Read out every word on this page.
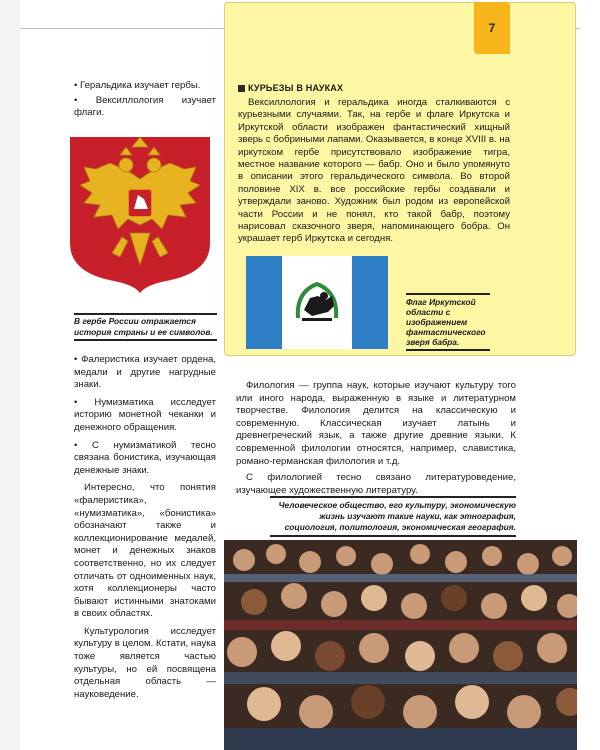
• Геральдика изучает гербы.

• Вексиллология изучает флаги.

В гербе России отражается история страны и ее символов.

• Фалеристика изучает ордена, медали и другие нагрудные знаки.

• Нумизматика исследует историю монетной чеканки и денежного обращения.

• С нумизматикой тесно связана бонистика, изучающая денежные знаки.

Интересно, что понятия «фалеристика», «нумизматика», «бонистика» обозначают также и коллекционирование медалей, монет и денежных знаков соответственно, но их следует отличать от одноименных наук, хотя коллекционеры часто бывают истинными знатоками в своих областях.

Культурология исследует культуру в целом. Кстати, наука тоже является частью культуры, но ей посвящена отдельная область — науковедение.

7
КУРЬЕЗЫ В НАУКАХ
Вексиллология и геральдика иногда сталкиваются с курьезными случаями. Так, на гербе и флаге Иркутска и Иркутской области изображен фантастический хищный зверь с бобриными лапами. Оказывается, в конце XVIII в. на иркутском гербе присутствовало изображение тигра, местное название которого — бабр. Оно и было упомянуто в описании этого геральдического символа. Во второй половине XIX в. все российские гербы создавали и утверждали заново. Художник был родом из европейской части России и не понял, кто такой бабр, поэтому нарисовал сказочного зверя, напоминающего бобра. Он украшает герб Иркутска и сегодня.
Флаг Иркутской области с изображением фантастического зверя бабра.

Филология — группа наук, которые изучают культуру того или иного народа, выраженную в языке и литературном творчестве. Филология делится на классическую и современную. Классическая изучает латынь и древнегреческий язык, а также другие древние языки. К современной филологии относятся, например, славистика, романо-германская филология и т.д.

С филологией тесно связано литературоведение, изучающее художественную литературу.

Человеческое общество, его культуру, экономическую жизнь изучают такие науки, как этнография, социология, политология, экономическая география.
